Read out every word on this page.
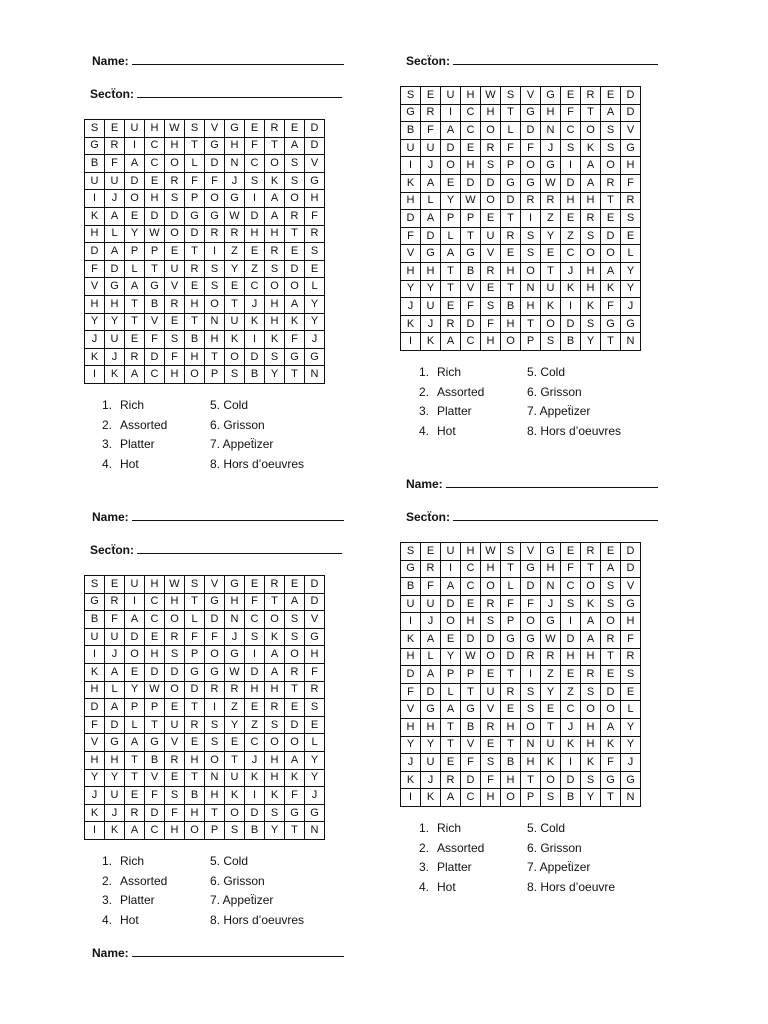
Name:
Secẗon:
S	E	U	H	W	S	V	G	E	R	E	D
G	R	I	C	H	T	G	H	F	T	A	D
B	F	A	C	O	L	D	N	C	O	S	V
U	U	D	E	R	F	F	J	S	K	S	G
I	J	O	H	S	P	O	G	I	A	O	H
K	A	E	D	D	G	G	W	D	A	R	F
H	L	Y	W	O	D	R	R	H	H	T	R
D	A	P	P	E	T	I	Z	E	R	E	S
F	D	L	T	U	R	S	Y	Z	S	D	E
V	G	A	G	V	E	S	E	C	O	O	L
H	H	T	B	R	H	O	T	J	H	A	Y
Y	Y	T	V	E	T	N	U	K	H	K	Y
J	U	E	F	S	B	H	K	I	K	F	J
K	J	R	D	F	H	T	O	D	S	G	G
I	K	A	C	H	O	P	S	B	Y	T	N
1. Rich	5. Cold
2. Assorted	6. Grisson
3. Platter	7. Appeẗizer
4. Hot	8. Hors d’oeuvres
Secẗon:
S	E	U	H	W	S	V	G	E	R	E	D
G	R	I	C	H	T	G	H	F	T	A	D
B	F	A	C	O	L	D	N	C	O	S	V
U	U	D	E	R	F	F	J	S	K	S	G
I	J	O	H	S	P	O	G	I	A	O	H
K	A	E	D	D	G	G	W	D	A	R	F
H	L	Y	W	O	D	R	R	H	H	T	R
D	A	P	P	E	T	I	Z	E	R	E	S
F	D	L	T	U	R	S	Y	Z	S	D	E
V	G	A	G	V	E	S	E	C	O	O	L
H	H	T	B	R	H	O	T	J	H	A	Y
Y	Y	T	V	E	T	N	U	K	H	K	Y
J	U	E	F	S	B	H	K	I	K	F	J
K	J	R	D	F	H	T	O	D	S	G	G
I	K	A	C	H	O	P	S	B	Y	T	N
1. Rich	5. Cold
2. Assorted	6. Grisson
3. Platter	7. Appeẗizer
4. Hot	8. Hors d’oeuvres
Name:
Name:
Secẗon:
S	E	U	H	W	S	V	G	E	R	E	D
G	R	I	C	H	T	G	H	F	T	A	D
B	F	A	C	O	L	D	N	C	O	S	V
U	U	D	E	R	F	F	J	S	K	S	G
I	J	O	H	S	P	O	G	I	A	O	H
K	A	E	D	D	G	G	W	D	A	R	F
H	L	Y	W	O	D	R	R	H	H	T	R
D	A	P	P	E	T	I	Z	E	R	E	S
F	D	L	T	U	R	S	Y	Z	S	D	E
V	G	A	G	V	E	S	E	C	O	O	L
H	H	T	B	R	H	O	T	J	H	A	Y
Y	Y	T	V	E	T	N	U	K	H	K	Y
J	U	E	F	S	B	H	K	I	K	F	J
K	J	R	D	F	H	T	O	D	S	G	G
I	K	A	C	H	O	P	S	B	Y	T	N
1. Rich	5. Cold
2. Assorted	6. Grisson
3. Platter	7. Appeẗizer
4. Hot	8. Hors d’oeuvres
Secẗon:
S	E	U	H	W	S	V	G	E	R	E	D
G	R	I	C	H	T	G	H	F	T	A	D
B	F	A	C	O	L	D	N	C	O	S	V
U	U	D	E	R	F	F	J	S	K	S	G
I	J	O	H	S	P	O	G	I	A	O	H
K	A	E	D	D	G	G	W	D	A	R	F
H	L	Y	W	O	D	R	R	H	H	T	R
D	A	P	P	E	T	I	Z	E	R	E	S
F	D	L	T	U	R	S	Y	Z	S	D	E
V	G	A	G	V	E	S	E	C	O	O	L
H	H	T	B	R	H	O	T	J	H	A	Y
Y	Y	T	V	E	T	N	U	K	H	K	Y
J	U	E	F	S	B	H	K	I	K	F	J
K	J	R	D	F	H	T	O	D	S	G	G
I	K	A	C	H	O	P	S	B	Y	T	N
1. Rich	5. Cold
2. Assorted	6. Grisson
3. Platter	7. Appeẗizer
4. Hot	8. Hors d’oeuvre
Name:
